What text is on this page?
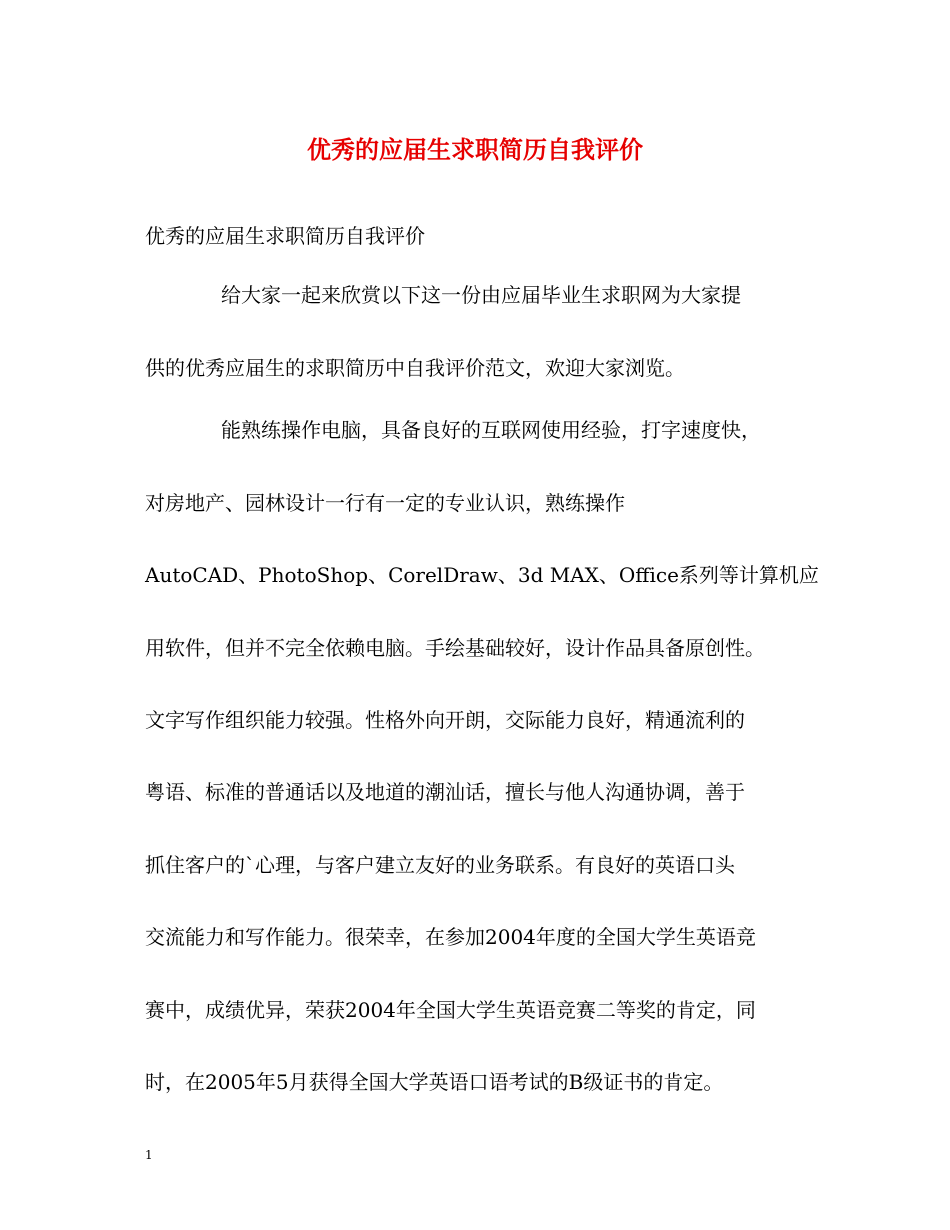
优秀的应届生求职简历自我评价
优秀的应届生求职简历自我评价
给大家一起来欣赏以下这一份由应届毕业生求职网为大家提
供的优秀应届生的求职简历中自我评价范文，欢迎大家浏览。
能熟练操作电脑，具备良好的互联网使用经验，打字速度快，
对房地产、园林设计一行有一定的专业认识，熟练操作
AutoCAD、PhotoShop、CorelDraw、3d MAX、Office系列等计算机应
用软件，但并不完全依赖电脑。手绘基础较好，设计作品具备原创性。
文字写作组织能力较强。性格外向开朗，交际能力良好，精通流利的
粤语、标准的普通话以及地道的潮汕话，擅长与他人沟通协调，善于
抓住客户的`心理，与客户建立友好的业务联系。有良好的英语口头
交流能力和写作能力。很荣幸，在参加2004年度的全国大学生英语竞
赛中，成绩优异，荣获2004年全国大学生英语竞赛二等奖的肯定，同
时，在2005年5月获得全国大学英语口语考试的B级证书的肯定。
1
